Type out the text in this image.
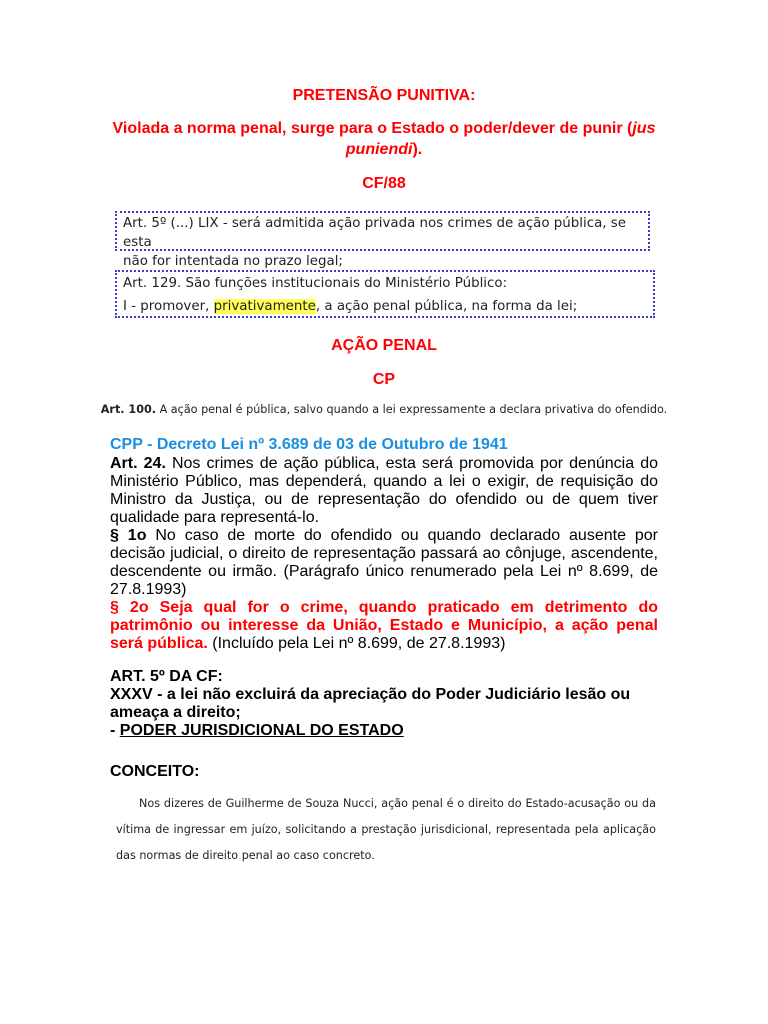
PRETENSÃO PUNITIVA:
Violada a norma penal, surge para o Estado o poder/dever de punir (jus puniendi).
CF/88
Art. 5º (...) LIX - será admitida ação privada nos crimes de ação pública, se esta
não for intentada no prazo legal;
Art. 129. São funções institucionais do Ministério Público:
I - promover, privativamente, a ação penal pública, na forma da lei;
AÇÃO PENAL
CP
Art. 100. A ação penal é pública, salvo quando a lei expressamente a declara privativa do ofendido.
CPP - Decreto Lei nº 3.689 de 03 de Outubro de 1941

Art. 24. Nos crimes de ação pública, esta será promovida por denúncia do Ministério Público, mas dependerá, quando a lei o exigir, de requisição do Ministro da Justiça, ou de representação do ofendido ou de quem tiver qualidade para representá-lo.

§ 1o No caso de morte do ofendido ou quando declarado ausente por decisão judicial, o direito de representação passará ao cônjuge, ascendente, descendente ou irmão. (Parágrafo único renumerado pela Lei nº 8.699, de 27.8.1993)

§ 2o Seja qual for o crime, quando praticado em detrimento do patrimônio ou interesse da União, Estado e Município, a ação penal será pública. (Incluído pela Lei nº 8.699, de 27.8.1993)

ART. 5º DA CF:

XXXV - a lei não excluirá da apreciação do Poder Judiciário lesão ou ameaça a direito;

- PODER JURISDICIONAL DO ESTADO

CONCEITO:
Nos dizeres de Guilherme de Souza Nucci, ação penal é o direito do Estado-acusação ou da vítima de ingressar em juízo, solicitando a prestação jurisdicional, representada pela aplicação das normas de direito penal ao caso concreto.
